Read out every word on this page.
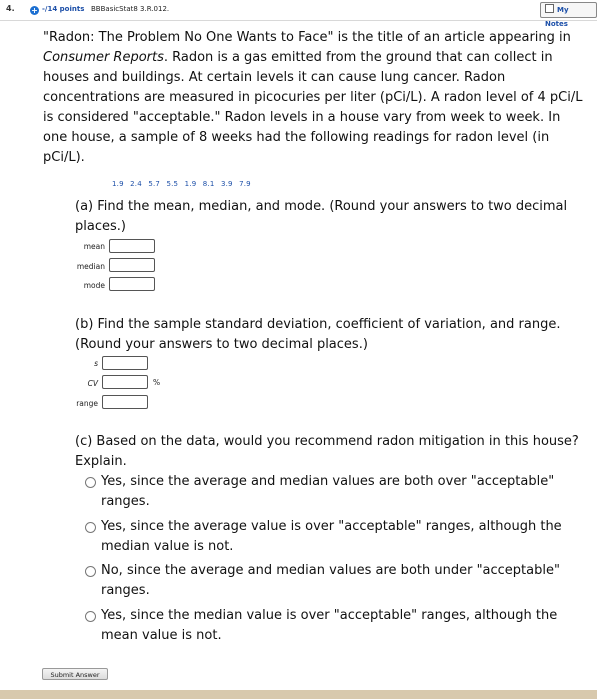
4. + -/14 points BBBasicStat8 3.R.012.	My Notes
"Radon: The Problem No One Wants to Face" is the title of an article appearing in Consumer Reports. Radon is a gas emitted from the ground that can collect in houses and buildings. At certain levels it can cause lung cancer. Radon concentrations are measured in picocuries per liter (pCi/L). A radon level of 4 pCi/L is considered "acceptable." Radon levels in a house vary from week to week. In one house, a sample of 8 weeks had the following readings for radon level (in pCi/L).
1.9 2.4 5.7 5.5 1.9 8.1 3.9 7.9
(a) Find the mean, median, and mode. (Round your answers to two decimal places.)
mean
median
mode
(b) Find the sample standard deviation, coefficient of variation, and range. (Round your answers to two decimal places.)
s
CV	%
range
(c) Based on the data, would you recommend radon mitigation in this house? Explain.
Yes, since the average and median values are both over "acceptable" ranges.
Yes, since the average value is over "acceptable" ranges, although the median value is not.
No, since the average and median values are both under "acceptable" ranges.
Yes, since the median value is over "acceptable" ranges, although the mean value is not.
Submit Answer
